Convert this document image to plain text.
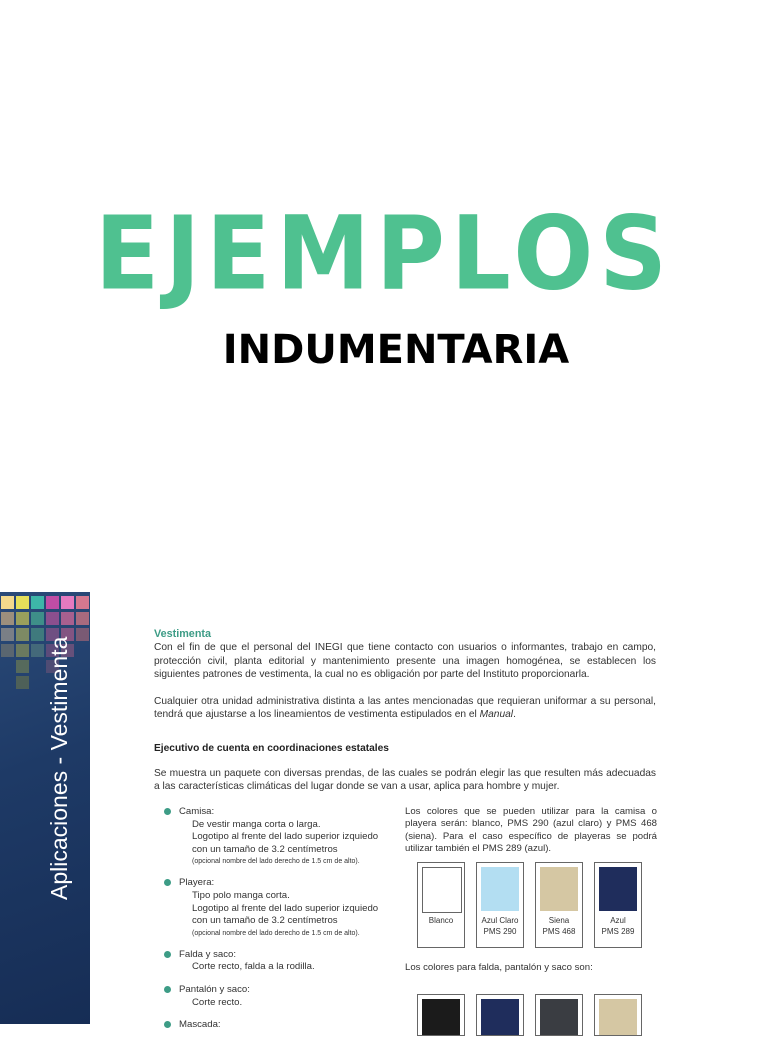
EJEMPLOS
INDUMENTARIA
Aplicaciones - Vestimenta

Vestimenta

Con el fin de que el personal del INEGI que tiene contacto con usuarios o informantes, trabajo en campo, protección civil, planta editorial y mantenimiento presente una imagen homogénea, se establecen los siguientes patrones de vestimenta, la cual no es obligación por parte del Instituto proporcionarla.

Cualquier otra unidad administrativa distinta a las antes mencionadas que requieran uniformar a su personal, tendrá que ajustarse a los lineamientos de vestimenta estipulados en el Manual.

Ejecutivo de cuenta en coordinaciones estatales

Se muestra un paquete con diversas prendas, de las cuales se podrán elegir las que resulten más adecuadas a las características climáticas del lugar donde se van a usar, aplica para hombre y mujer.

Camisa:
De vestir manga corta o larga.
Logotipo al frente del lado superior izquiedo
con un tamaño de 3.2 centímetros
(opcional nombre del lado derecho de 1.5 cm de alto).
Playera:
Tipo polo manga corta.
Logotipo al frente del lado superior izquiedo
con un tamaño de 3.2 centímetros
(opcional nombre del lado derecho de 1.5 cm de alto).
Falda y saco:
Corte recto, falda a la rodilla.
Pantalón y saco:
Corte recto.
Mascada:
Los colores que se pueden utilizar para la camisa o playera serán: blanco, PMS 290 (azul claro) y PMS 468 (siena). Para el caso específico de playeras se podrá utilizar también el PMS 289 (azul).
Blanco	Azul Claro
PMS 290
Siena
PMS 468
Azul
PMS 289
Los colores para falda, pantalón y saco son:
